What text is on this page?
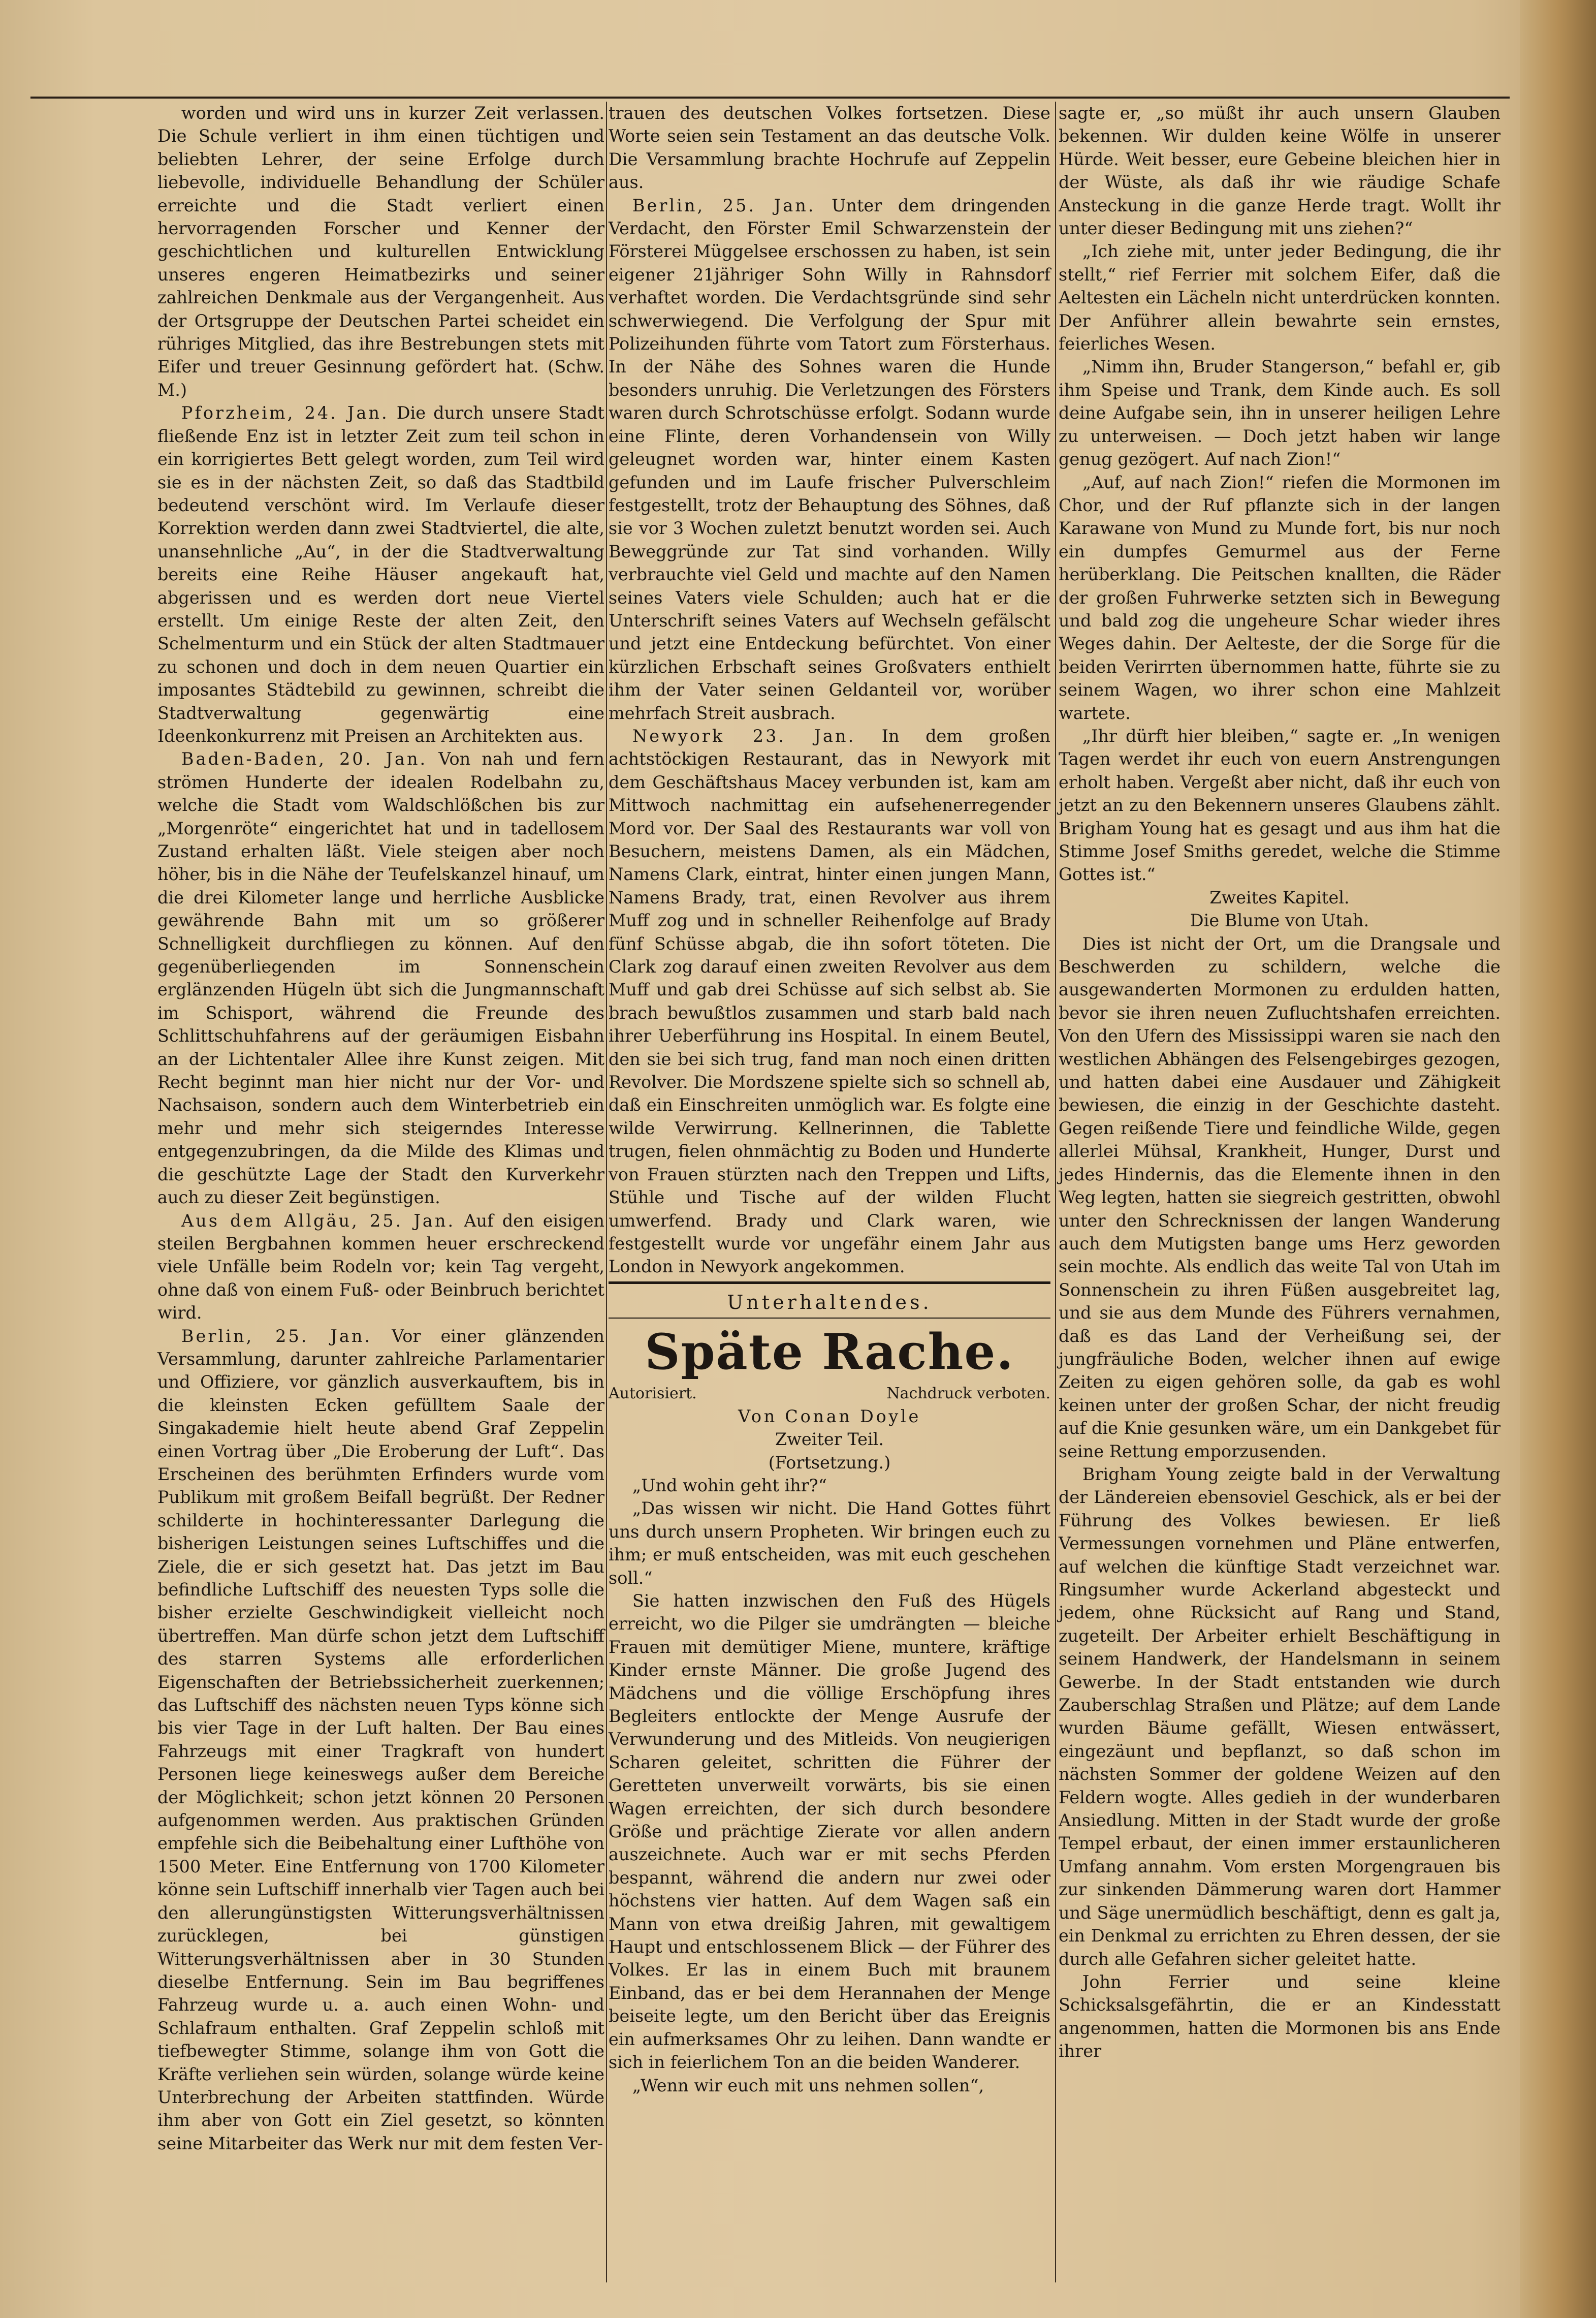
worden und wird uns in kurzer Zeit verlassen. Die Schule verliert in ihm einen tüchtigen und beliebten Lehrer, der seine Erfolge durch liebevolle, individuelle Behandlung der Schüler erreichte und die Stadt verliert einen hervorragenden Forscher und Kenner der geschichtlichen und kulturellen Entwicklung unseres engeren Heimatbezirks und seiner zahlreichen Denkmale aus der Vergangenheit. Aus der Ortsgruppe der Deutschen Partei scheidet ein rühriges Mitglied, das ihre Bestrebungen stets mit Eifer und treuer Gesinnung gefördert hat. (Schw. M.)

Pforzheim, 24. Jan. Die durch unsere Stadt fließende Enz ist in letzter Zeit zum teil schon in ein korrigiertes Bett gelegt worden, zum Teil wird sie es in der nächsten Zeit, so daß das Stadtbild bedeutend verschönt wird. Im Verlaufe dieser Korrektion werden dann zwei Stadtviertel, die alte, unansehnliche „Au“, in der die Stadtverwaltung bereits eine Reihe Häuser angekauft hat, abgerissen und es werden dort neue Viertel erstellt. Um einige Reste der alten Zeit, den Schelmenturm und ein Stück der alten Stadtmauer zu schonen und doch in dem neuen Quartier ein imposantes Städtebild zu gewinnen, schreibt die Stadtverwaltung gegenwärtig eine Ideenkonkurrenz mit Preisen an Architekten aus.

Baden-Baden, 20. Jan. Von nah und fern strömen Hunderte der idealen Rodelbahn zu, welche die Stadt vom Waldschlößchen bis zur „Morgenröte“ eingerichtet hat und in tadellosem Zustand erhalten läßt. Viele steigen aber noch höher, bis in die Nähe der Teufelskanzel hinauf, um die drei Kilometer lange und herrliche Ausblicke gewährende Bahn mit um so größerer Schnelligkeit durchfliegen zu können. Auf den gegenüberliegenden im Sonnenschein erglänzenden Hügeln übt sich die Jungmannschaft im Schisport, während die Freunde des Schlittschuhfahrens auf der geräumigen Eisbahn an der Lichtentaler Allee ihre Kunst zeigen. Mit Recht beginnt man hier nicht nur der Vor- und Nachsaison, sondern auch dem Winterbetrieb ein mehr und mehr sich steigerndes Interesse entgegenzubringen, da die Milde des Klimas und die geschützte Lage der Stadt den Kurverkehr auch zu dieser Zeit begünstigen.

Aus dem Allgäu, 25. Jan. Auf den eisigen steilen Bergbahnen kommen heuer erschreckend viele Unfälle beim Rodeln vor; kein Tag vergeht, ohne daß von einem Fuß- oder Beinbruch berichtet wird.

Berlin, 25. Jan. Vor einer glänzenden Versammlung, darunter zahlreiche Parlamentarier und Offiziere, vor gänzlich ausverkauftem, bis in die kleinsten Ecken gefülltem Saale der Singakademie hielt heute abend Graf Zeppelin einen Vortrag über „Die Eroberung der Luft“. Das Erscheinen des berühmten Erfinders wurde vom Publikum mit großem Beifall begrüßt. Der Redner schilderte in hochinteressanter Darlegung die bisherigen Leistungen seines Luftschiffes und die Ziele, die er sich gesetzt hat. Das jetzt im Bau befindliche Luftschiff des neuesten Typs solle die bisher erzielte Geschwindigkeit vielleicht noch übertreffen. Man dürfe schon jetzt dem Luftschiff des starren Systems alle erforderlichen Eigenschaften der Betriebssicherheit zuerkennen; das Luftschiff des nächsten neuen Typs könne sich bis vier Tage in der Luft halten. Der Bau eines Fahrzeugs mit einer Tragkraft von hundert Personen liege keineswegs außer dem Bereiche der Möglichkeit; schon jetzt können 20 Personen aufgenommen werden. Aus praktischen Gründen empfehle sich die Beibehaltung einer Lufthöhe von 1500 Meter. Eine Entfernung von 1700 Kilometer könne sein Luftschiff innerhalb vier Tagen auch bei den allerungünstigsten Witterungsverhältnissen zurücklegen, bei günstigen Witterungsverhältnissen aber in 30 Stunden dieselbe Entfernung. Sein im Bau begriffenes Fahrzeug wurde u. a. auch einen Wohn- und Schlafraum enthalten. Graf Zeppelin schloß mit tiefbewegter Stimme, solange ihm von Gott die Kräfte verliehen sein würden, solange würde keine Unterbrechung der Arbeiten stattfinden. Würde ihm aber von Gott ein Ziel gesetzt, so könnten seine Mitarbeiter das Werk nur mit dem festen Ver-

trauen des deutschen Volkes fortsetzen. Diese Worte seien sein Testament an das deutsche Volk. Die Versammlung brachte Hochrufe auf Zeppelin aus.

Berlin, 25. Jan. Unter dem dringenden Verdacht, den Förster Emil Schwarzenstein der Försterei Müggelsee erschossen zu haben, ist sein eigener 21jähriger Sohn Willy in Rahnsdorf verhaftet worden. Die Verdachtsgründe sind sehr schwerwiegend. Die Verfolgung der Spur mit Polizeihunden führte vom Tatort zum Försterhaus. In der Nähe des Sohnes waren die Hunde besonders unruhig. Die Verletzungen des Försters waren durch Schrotschüsse erfolgt. Sodann wurde eine Flinte, deren Vorhandensein von Willy geleugnet worden war, hinter einem Kasten gefunden und im Laufe frischer Pulverschleim festgestellt, trotz der Behauptung des Söhnes, daß sie vor 3 Wochen zuletzt benutzt worden sei. Auch Beweggründe zur Tat sind vorhanden. Willy verbrauchte viel Geld und machte auf den Namen seines Vaters viele Schulden; auch hat er die Unterschrift seines Vaters auf Wechseln gefälscht und jetzt eine Entdeckung befürchtet. Von einer kürzlichen Erbschaft seines Großvaters enthielt ihm der Vater seinen Geldanteil vor, worüber mehrfach Streit ausbrach.

Newyork 23. Jan. In dem großen achtstöckigen Restaurant, das in Newyork mit dem Geschäftshaus Macey verbunden ist, kam am Mittwoch nachmittag ein aufsehenerregender Mord vor. Der Saal des Restaurants war voll von Besuchern, meistens Damen, als ein Mädchen, Namens Clark, eintrat, hinter einen jungen Mann, Namens Brady, trat, einen Revolver aus ihrem Muff zog und in schneller Reihenfolge auf Brady fünf Schüsse abgab, die ihn sofort töteten. Die Clark zog darauf einen zweiten Revolver aus dem Muff und gab drei Schüsse auf sich selbst ab. Sie brach bewußtlos zusammen und starb bald nach ihrer Ueberführung ins Hospital. In einem Beutel, den sie bei sich trug, fand man noch einen dritten Revolver. Die Mordszene spielte sich so schnell ab, daß ein Einschreiten unmöglich war. Es folgte eine wilde Verwirrung. Kellnerinnen, die Tablette trugen, fielen ohnmächtig zu Boden und Hunderte von Frauen stürzten nach den Treppen und Lifts, Stühle und Tische auf der wilden Flucht umwerfend. Brady und Clark waren, wie festgestellt wurde vor ungefähr einem Jahr aus London in Newyork angekommen.

Unterhaltendes.
Späte Rache.
Autorisiert.	Nachdruck verboten.
Von Conan Doyle
Zweiter Teil.
(Fortsetzung.)

„Und wohin geht ihr?“

„Das wissen wir nicht. Die Hand Gottes führt uns durch unsern Propheten. Wir bringen euch zu ihm; er muß entscheiden, was mit euch geschehen soll.“

Sie hatten inzwischen den Fuß des Hügels erreicht, wo die Pilger sie umdrängten — bleiche Frauen mit demütiger Miene, muntere, kräftige Kinder ernste Männer. Die große Jugend des Mädchens und die völlige Erschöpfung ihres Begleiters entlockte der Menge Ausrufe der Verwunderung und des Mitleids. Von neugierigen Scharen geleitet, schritten die Führer der Geretteten unverweilt vorwärts, bis sie einen Wagen erreichten, der sich durch besondere Größe und prächtige Zierate vor allen andern auszeichnete. Auch war er mit sechs Pferden bespannt, während die andern nur zwei oder höchstens vier hatten. Auf dem Wagen saß ein Mann von etwa dreißig Jahren, mit gewaltigem Haupt und entschlossenem Blick — der Führer des Volkes. Er las in einem Buch mit braunem Einband, das er bei dem Herannahen der Menge beiseite legte, um den Bericht über das Ereignis ein aufmerksames Ohr zu leihen. Dann wandte er sich in feierlichem Ton an die beiden Wanderer.

„Wenn wir euch mit uns nehmen sollen“,

sagte er, „so müßt ihr auch unsern Glauben bekennen. Wir dulden keine Wölfe in unserer Hürde. Weit besser, eure Gebeine bleichen hier in der Wüste, als daß ihr wie räudige Schafe Ansteckung in die ganze Herde tragt. Wollt ihr unter dieser Bedingung mit uns ziehen?“

„Ich ziehe mit, unter jeder Bedingung, die ihr stellt,“ rief Ferrier mit solchem Eifer, daß die Aeltesten ein Lächeln nicht unterdrücken konnten. Der Anführer allein bewahrte sein ernstes, feierliches Wesen.

„Nimm ihn, Bruder Stangerson,“ befahl er, gib ihm Speise und Trank, dem Kinde auch. Es soll deine Aufgabe sein, ihn in unserer heiligen Lehre zu unterweisen. — Doch jetzt haben wir lange genug gezögert. Auf nach Zion!“

„Auf, auf nach Zion!“ riefen die Mormonen im Chor, und der Ruf pflanzte sich in der langen Karawane von Mund zu Munde fort, bis nur noch ein dumpfes Gemurmel aus der Ferne herüberklang. Die Peitschen knallten, die Räder der großen Fuhrwerke setzten sich in Bewegung und bald zog die ungeheure Schar wieder ihres Weges dahin. Der Aelteste, der die Sorge für die beiden Verirrten übernommen hatte, führte sie zu seinem Wagen, wo ihrer schon eine Mahlzeit wartete.

„Ihr dürft hier bleiben,“ sagte er. „In wenigen Tagen werdet ihr euch von euern Anstrengungen erholt haben. Vergeßt aber nicht, daß ihr euch von jetzt an zu den Bekennern unseres Glaubens zählt. Brigham Young hat es gesagt und aus ihm hat die Stimme Josef Smiths geredet, welche die Stimme Gottes ist.“

Zweites Kapitel.
Die Blume von Utah.

Dies ist nicht der Ort, um die Drangsale und Beschwerden zu schildern, welche die ausgewanderten Mormonen zu erdulden hatten, bevor sie ihren neuen Zufluchtshafen erreichten. Von den Ufern des Mississippi waren sie nach den westlichen Abhängen des Felsengebirges gezogen, und hatten dabei eine Ausdauer und Zähigkeit bewiesen, die einzig in der Geschichte dasteht. Gegen reißende Tiere und feindliche Wilde, gegen allerlei Mühsal, Krankheit, Hunger, Durst und jedes Hindernis, das die Elemente ihnen in den Weg legten, hatten sie siegreich gestritten, obwohl unter den Schrecknissen der langen Wanderung auch dem Mutigsten bange ums Herz geworden sein mochte. Als endlich das weite Tal von Utah im Sonnenschein zu ihren Füßen ausgebreitet lag, und sie aus dem Munde des Führers vernahmen, daß es das Land der Verheißung sei, der jungfräuliche Boden, welcher ihnen auf ewige Zeiten zu eigen gehören solle, da gab es wohl keinen unter der großen Schar, der nicht freudig auf die Knie gesunken wäre, um ein Dankgebet für seine Rettung emporzusenden.

Brigham Young zeigte bald in der Verwaltung der Ländereien ebensoviel Geschick, als er bei der Führung des Volkes bewiesen. Er ließ Vermessungen vornehmen und Pläne entwerfen, auf welchen die künftige Stadt verzeichnet war. Ringsumher wurde Ackerland abgesteckt und jedem, ohne Rücksicht auf Rang und Stand, zugeteilt. Der Arbeiter erhielt Beschäftigung in seinem Handwerk, der Handelsmann in seinem Gewerbe. In der Stadt entstanden wie durch Zauberschlag Straßen und Plätze; auf dem Lande wurden Bäume gefällt, Wiesen entwässert, eingezäunt und bepflanzt, so daß schon im nächsten Sommer der goldene Weizen auf den Feldern wogte. Alles gedieh in der wunderbaren Ansiedlung. Mitten in der Stadt wurde der große Tempel erbaut, der einen immer erstaunlicheren Umfang annahm. Vom ersten Morgengrauen bis zur sinkenden Dämmerung waren dort Hammer und Säge unermüdlich beschäftigt, denn es galt ja, ein Denkmal zu errichten zu Ehren dessen, der sie durch alle Gefahren sicher geleitet hatte.

John Ferrier und seine kleine Schicksalsgefährtin, die er an Kindesstatt angenommen, hatten die Mormonen bis ans Ende ihrer
